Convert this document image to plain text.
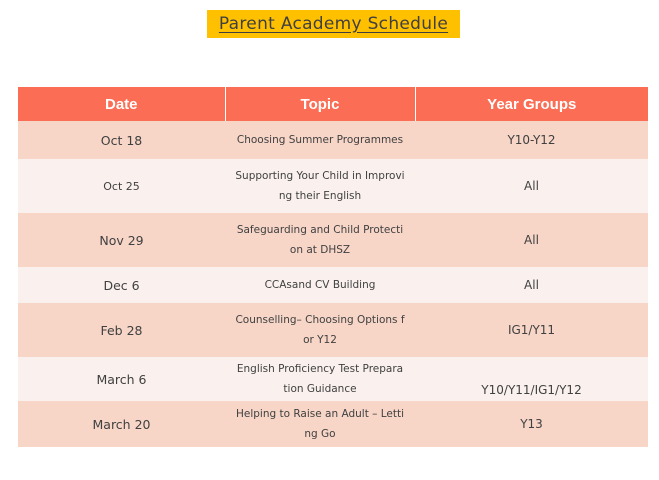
Parent Academy Schedule
Date	Topic	Year Groups
Oct 18	Choosing Summer Programmes	Y10-Y12
Oct 25	Supporting Your Child in Improving their English	All
Nov 29	Safeguarding and Child Protection at DHSZ	All
Dec 6	CCAsand CV Building	All
Feb 28	Counselling– Choosing Options for Y12	IG1/Y11
March 6	English Proficiency Test Preparation Guidance	Y10/Y11/IG1/Y12
March 20	Helping to Raise an Adult – Letting Go	Y13
